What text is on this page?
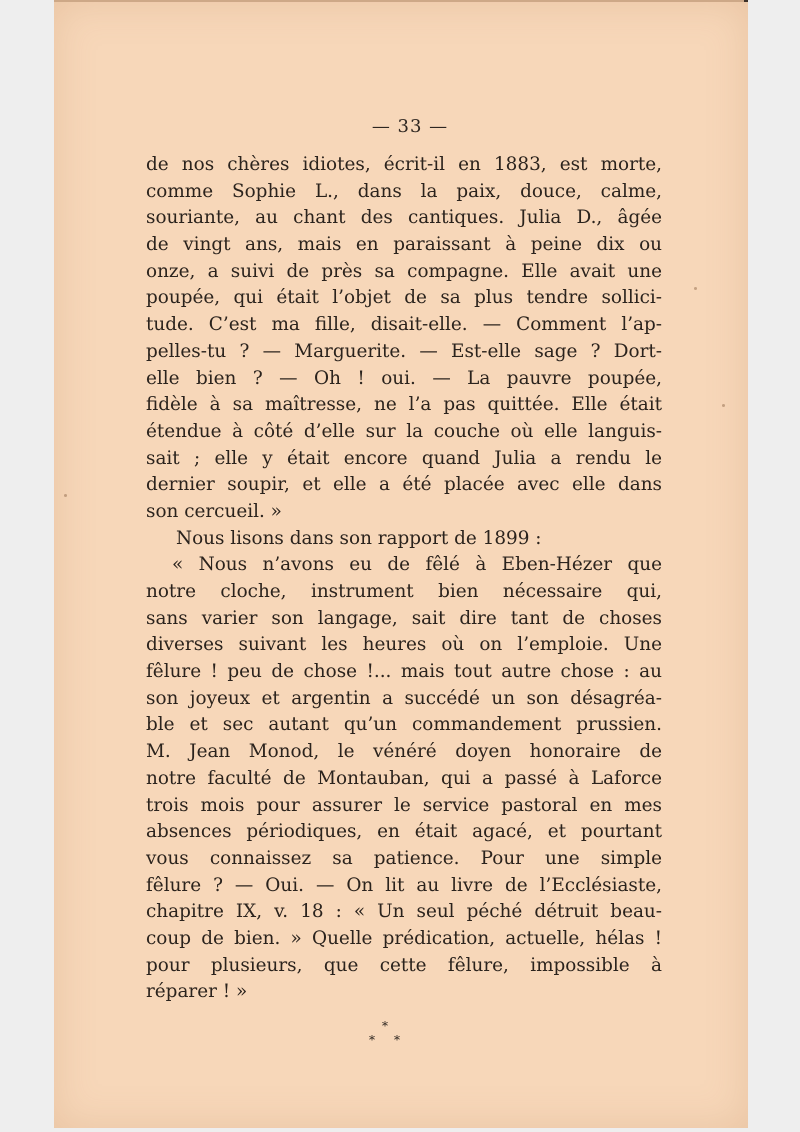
— 33 —
de nos chères idiotes, écrit-il en 1883, est morte,
comme Sophie L., dans la paix, douce, calme,
souriante, au chant des cantiques. Julia D., âgée
de vingt ans, mais en paraissant à peine dix ou
onze, a suivi de près sa compagne. Elle avait une
poupée, qui était l’objet de sa plus tendre sollici-
tude. C’est ma fille, disait-elle. — Comment l’ap-
pelles-tu ? — Marguerite. — Est-elle sage ? Dort-
elle bien ? — Oh ! oui. — La pauvre poupée,
fidèle à sa maîtresse, ne l’a pas quittée. Elle était
étendue à côté d’elle sur la couche où elle languis-
sait ; elle y était encore quand Julia a rendu le
dernier soupir, et elle a été placée avec elle dans
son cercueil. »
Nous lisons dans son rapport de 1899 :
« Nous n’avons eu de fêlé à Eben-Hézer que
notre cloche, instrument bien nécessaire qui,
sans varier son langage, sait dire tant de choses
diverses suivant les heures où on l’emploie. Une
fêlure ! peu de chose !... mais tout autre chose : au
son joyeux et argentin a succédé un son désagréa-
ble et sec autant qu’un commandement prussien.
M. Jean Monod, le vénéré doyen honoraire de
notre faculté de Montauban, qui a passé à Laforce
trois mois pour assurer le service pastoral en mes
absences périodiques, en était agacé, et pourtant
vous connaissez sa patience. Pour une simple
fêlure ? — Oui. — On lit au livre de l’Ecclésiaste,
chapitre IX, v. 18 : « Un seul péché détruit beau-
coup de bien. » Quelle prédication, actuelle, hélas !
pour plusieurs, que cette fêlure, impossible à
réparer ! »
*
* *
